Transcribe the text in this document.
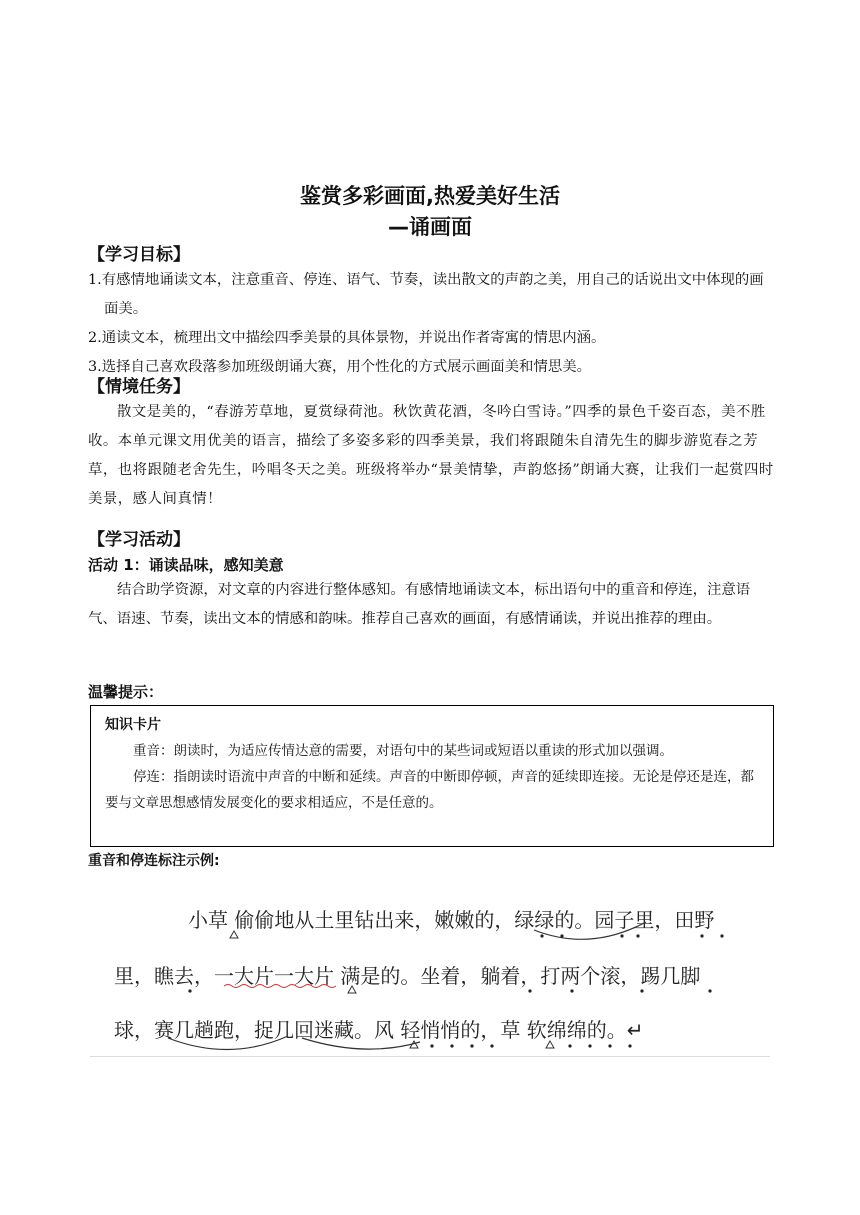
鉴赏多彩画面,热爱美好生活
—诵画面
【学习目标】
1.有感情地诵读文本，注意重音、停连、语气、节奏，读出散文的声韵之美，用自己的话说出文中体现的画面美。
2.通读文本，梳理出文中描绘四季美景的具体景物，并说出作者寄寓的情思内涵。
3.选择自己喜欢段落参加班级朗诵大赛，用个性化的方式展示画面美和情思美。
【情境任务】
散文是美的，“春游芳草地，夏赏绿荷池。秋饮黄花酒，冬吟白雪诗。”四季的景色千姿百态，美不胜收。本单元课文用优美的语言，描绘了多姿多彩的四季美景，我们将跟随朱自清先生的脚步游览春之芳草，也将跟随老舍先生，吟唱冬天之美。班级将举办“景美情挚，声韵悠扬”朗诵大赛，让我们一起赏四时美景，感人间真情！
【学习活动】
活动 1：诵读品味，感知美意
结合助学资源，对文章的内容进行整体感知。有感情地诵读文本，标出语句中的重音和停连，注意语气、语速、节奏，读出文本的情感和韵味。推荐自己喜欢的画面，有感情诵读，并说出推荐的理由。
温馨提示：
知识卡片

重音：朗读时，为适应传情达意的需要，对语句中的某些词或短语以重读的形式加以强调。

停连：指朗读时语流中声音的中断和延续。声音的中断即停顿，声音的延续即连接。无论是停还是连，都要与文章思想感情发展变化的要求相适应，不是任意的。

重音和停连标注示例:
小草 偷偷地从土里钻出来，嫩嫩的，绿绿的。园子里，田野
里，瞧去，一大片一大片 满是的。坐着，躺着，打两个滚，踢几脚
球，赛几趟跑，捉几回迷藏。风 轻悄悄的，草 软绵绵的。↵
